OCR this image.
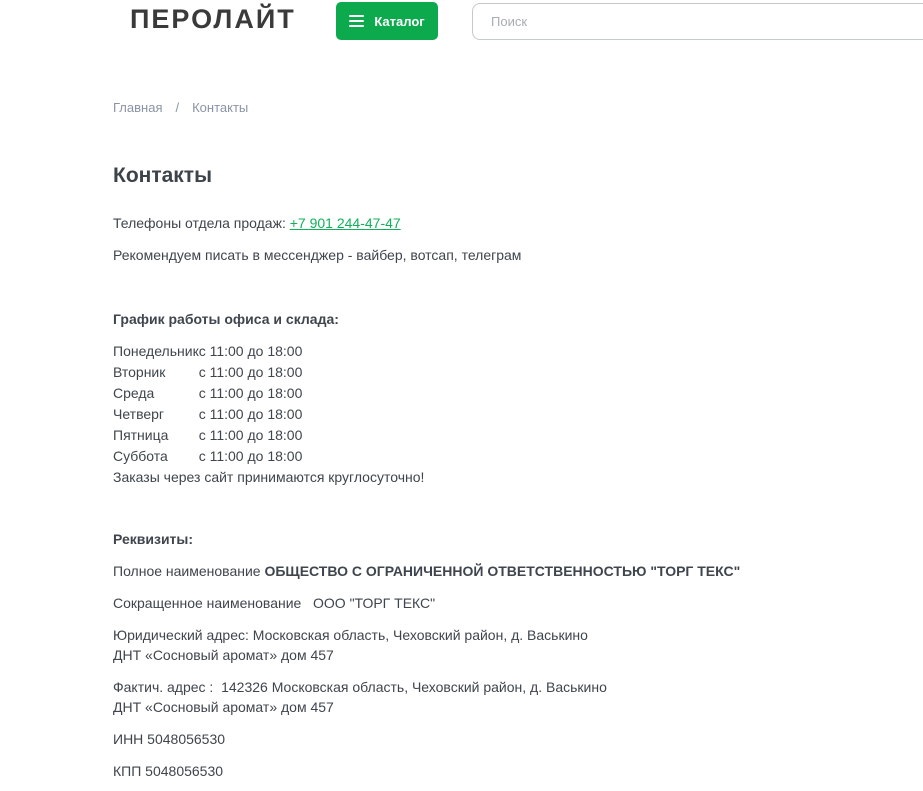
ПЕРОЛАЙТ	Каталог
Поиск
Главная / Контакты
Контакты

Телефоны отдела продаж: +7 901 244-47-47

Рекомендуем писать в мессенджер - вайбер, вотсап, телеграм

График работы офиса и склада:

Понедельник	с 11:00 до 18:00
Вторник	с 11:00 до 18:00
Среда	с 11:00 до 18:00
Четверг	с 11:00 до 18:00
Пятница	с 11:00 до 18:00
Суббота	с 11:00 до 18:00

Заказы через сайт принимаются круглосуточно!

Реквизиты:

Полное наименование ОБЩЕСТВО С ОГРАНИЧЕННОЙ ОТВЕТСТВЕННОСТЬЮ "ТОРГ ТЕКС"

Сокращенное наименование   ООО "ТОРГ ТЕКС"

Юридический адрес: Московская область, Чеховский район, д. Васькино
ДНТ «Сосновый аромат» дом 457

Фактич. адрес :  142326 Московская область, Чеховский район, д. Васькино
ДНТ «Сосновый аромат» дом 457

ИНН 5048056530

КПП 5048056530
